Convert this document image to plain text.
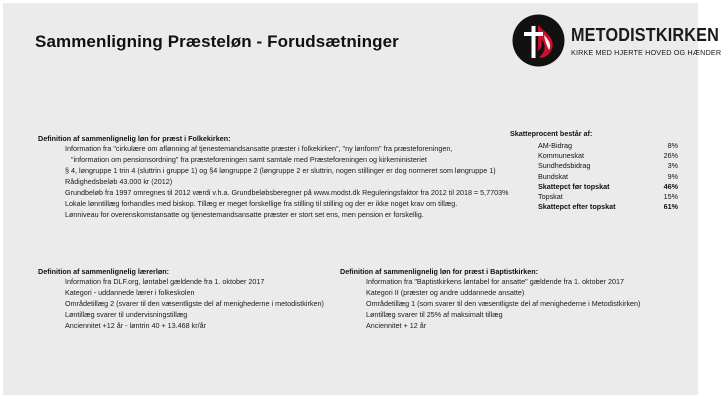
Sammenligning Præsteløn - Forudsætninger	METODISTKIRKEN
KIRKE MED HJERTE HOVED OG HÆNDER
Definition af sammenlignelig løn for præst i Folkekirken:
Information fra "cirkulære om aflønning af tjenestemandsansatte præster i folkekirken", "ny lønform" fra præsteforeningen,
"information om pensionsordning" fra præsteforeningen samt samtale med Præsteforeningen og kirkeministeriet
§ 4, løngruppe 1 trin 4 (sluttrin i gruppe 1) og §4 løngruppe 2 (løngruppe 2 er sluttrin, nogen stillinger er dog normeret som løngruppe 1)
Rådighedsbeløb 43.000 kr (2012)
Grundbeløb fra 1997 omregnes til 2012 værdi v.h.a. Grundbeløbsberegner på www.modst.dk Reguleringsfaktor fra 2012 til 2018 = 5,7703%
Lokale lønntillæg forhandles med biskop. Tillæg er meget forskellige fra stilling til stilling og der er ikke noget krav om tillæg.
Lønniveau for overenskomstansatte og tjenestemandsansatte præster er stort set ens, men pension er forskellig.
Skatteprocent består af:
AM-Bidrag	8%
Kommuneskat	26%
Sundhedsbidrag	3%
Bundskat	9%
Skattepct før topskat	46%
Topskat	15%
Skattepct efter topskat	61%
Definition af sammenlignelig lærerløn:
Information fra DLF.org, løntabel gældende fra 1. oktober 2017
Kategori - uddannede lærer i folkeskolen
Områdetillæg 2 (svarer til den væsentligste del af menighederne i metodistkirken)
Løntillæg svarer til undervisningstillæg
Anciennitet +12 år - løntrin 40 + 13.468 kr/år
Definition af sammenlignelig løn for præst i Baptistkirken:
Information fra "Baptistkirkens løntabel for ansatte" gældende fra 1. oktober 2017
Kategori II (præster og andre uddannede ansatte)
Områdetillæg 1 (som svarer til den væsentligste del af menighederne i Metodistkirken)
Løntillæg svarer til 25% af maksimalt tillæg
Anciennitet + 12 år
